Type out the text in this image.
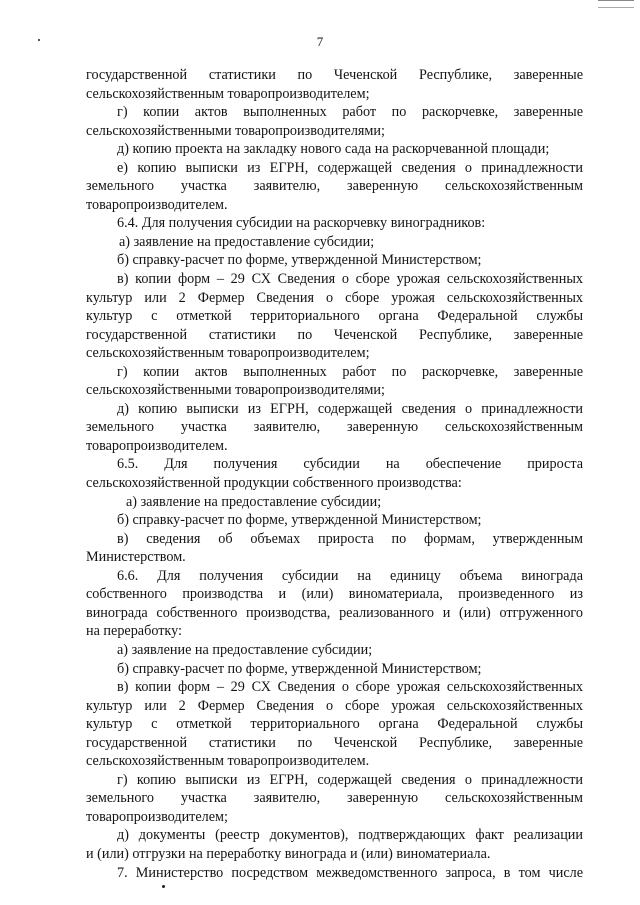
7
государственной статистики по Чеченской Республике, заверенные
сельскохозяйственным товаропроизводителем;
г) копии актов выполненных работ по раскорчевке, заверенные
сельскохозяйственными товаропроизводителями;
д) копию проекта на закладку нового сада на раскорчеванной площади;
е) копию выписки из ЕГРН, содержащей сведения о принадлежности
земельного участка заявителю, заверенную сельскохозяйственным
товаропроизводителем.
6.4. Для получения субсидии на раскорчевку виноградников:
а) заявление на предоставление субсидии;
б) справку-расчет по форме, утвержденной Министерством;
в) копии форм – 29 СХ Сведения о сборе урожая сельскохозяйственных
культур или 2 Фермер Сведения о сборе урожая сельскохозяйственных
культур с отметкой территориального органа Федеральной службы
государственной статистики по Чеченской Республике, заверенные
сельскохозяйственным товаропроизводителем;
г) копии актов выполненных работ по раскорчевке, заверенные
сельскохозяйственными товаропроизводителями;
д) копию выписки из ЕГРН, содержащей сведения о принадлежности
земельного участка заявителю, заверенную сельскохозяйственным
товаропроизводителем.
6.5. Для получения субсидии на обеспечение прироста
сельскохозяйственной продукции собственного производства:
а) заявление на предоставление субсидии;
б) справку-расчет по форме, утвержденной Министерством;
в) сведения об объемах прироста по формам, утвержденным
Министерством.
6.6. Для получения субсидии на единицу объема винограда
собственного производства и (или) виноматериала, произведенного из
винограда собственного производства, реализованного и (или) отгруженного
на переработку:
а) заявление на предоставление субсидии;
б) справку-расчет по форме, утвержденной Министерством;
в) копии форм – 29 СХ Сведения о сборе урожая сельскохозяйственных
культур или 2 Фермер Сведения о сборе урожая сельскохозяйственных
культур с отметкой территориального органа Федеральной службы
государственной статистики по Чеченской Республике, заверенные
сельскохозяйственным товаропроизводителем.
г) копию выписки из ЕГРН, содержащей сведения о принадлежности
земельного участка заявителю, заверенную сельскохозяйственным
товаропроизводителем;
д) документы (реестр документов), подтверждающих факт реализации
и (или) отгрузки на переработку винограда и (или) виноматериала.
7. Министерство посредством межведомственного запроса, в том числе
